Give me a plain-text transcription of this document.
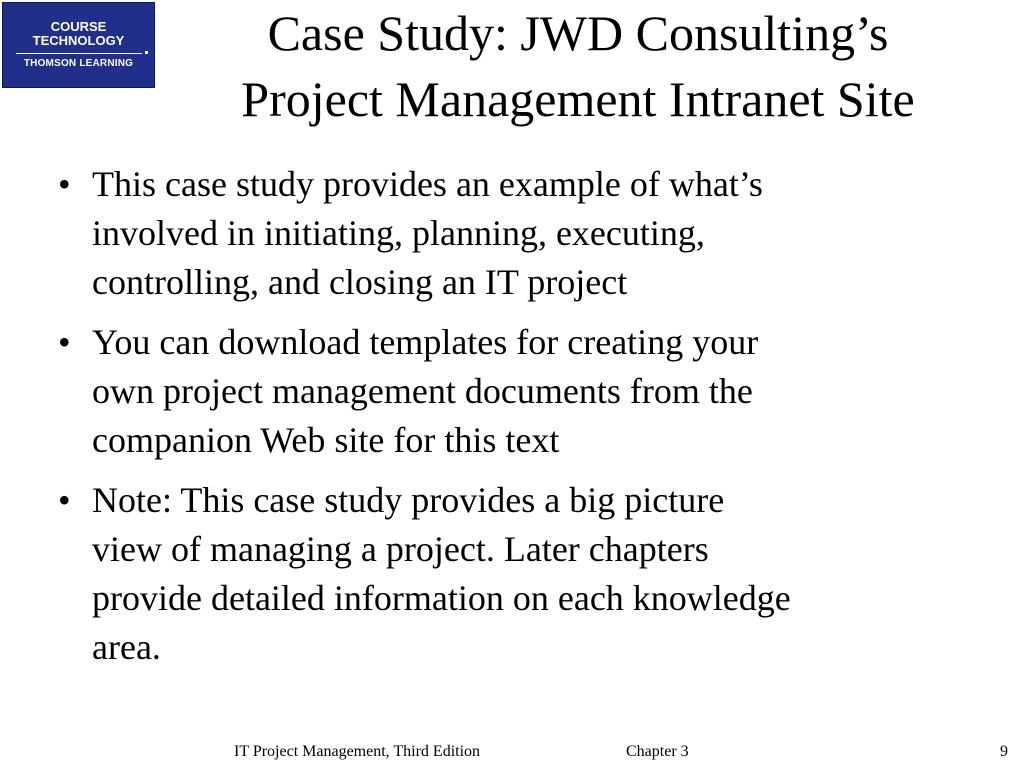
COURSE
TECHNOLOGY
THOMSON LEARNING
Case Study: JWD Consulting’s
Project Management Intranet Site
• This case study provides an example of what’s
involved in initiating, planning, executing,
controlling, and closing an IT project
• You can download templates for creating your
own project management documents from the
companion Web site for this text
• Note: This case study provides a big picture
view of managing a project. Later chapters
provide detailed information on each knowledge
area.
IT Project Management, Third Edition	Chapter 3	9
